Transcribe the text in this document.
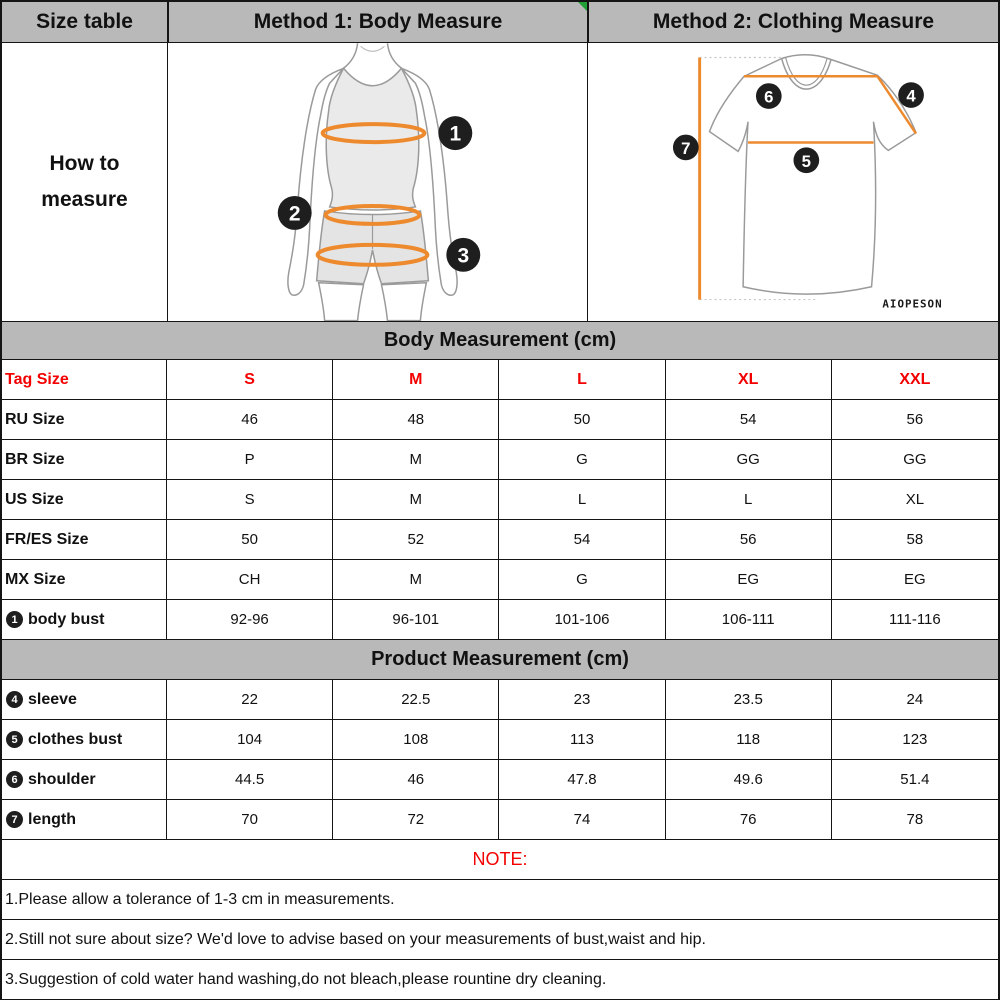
Size table	Method 1: Body Measure	Method 2: Clothing Measure
How to
measure
1
2
3
6	4
7
5
AIOPESON
Body Measurement (cm)
Tag Size	S	M	L	XL	XXL
RU Size	46	48	50	54	56
BR Size	P	M	G	GG	GG
US Size	S	M	L	L	XL
FR/ES Size	50	52	54	56	58
MX Size	CH	M	G	EG	EG
1 body bust	92-96	96-101	101-106	106-111	111-116
Product Measurement (cm)
4 sleeve	22	22.5	23	23.5	24
5 clothes bust	104	108	113	118	123
6 shoulder	44.5	46	47.8	49.6	51.4
7 length	70	72	74	76	78
NOTE:
1.Please allow a tolerance of 1-3 cm in measurements.
2.Still not sure about size? We'd love to advise based on your measurements of bust,waist and hip.
3.Suggestion of cold water hand washing,do not bleach,please rountine dry cleaning.
